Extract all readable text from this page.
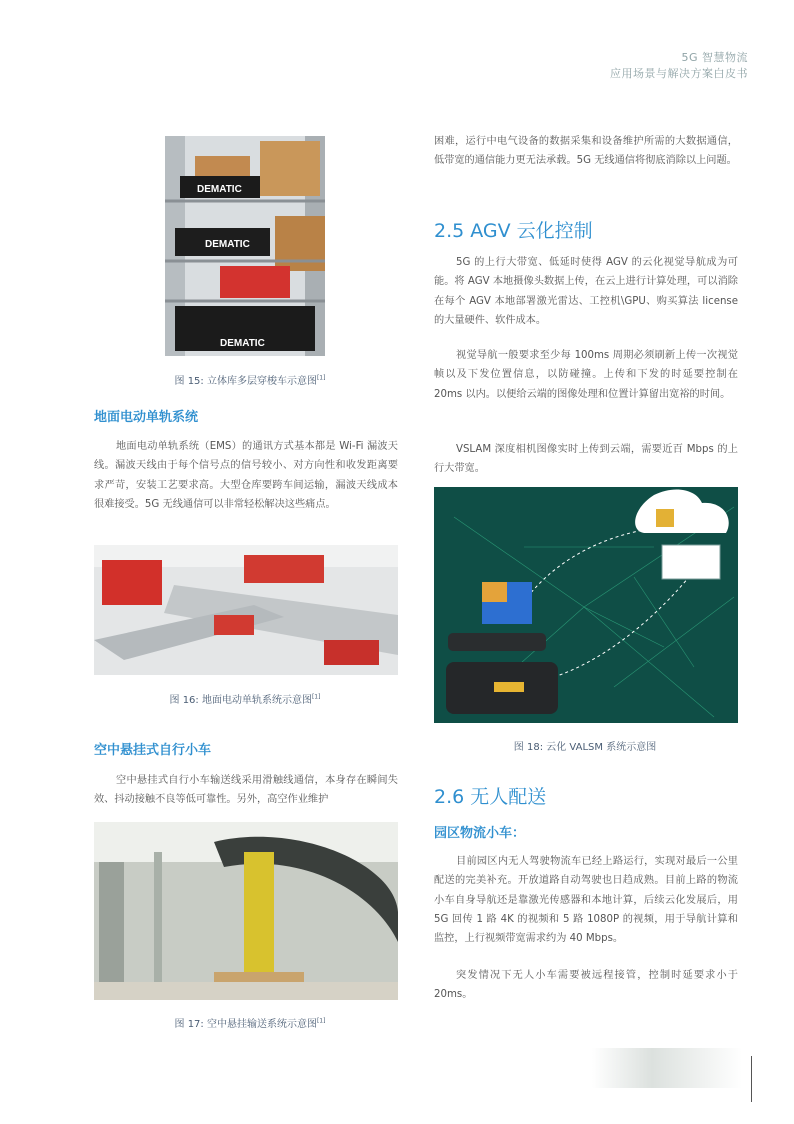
5G 智慧物流
应用场景与解决方案白皮书
DEMATIC
DEMATIC
DEMATIC
图 15: 立体库多层穿梭车示意图[1]
地面电动单轨系统

地面电动单轨系统（EMS）的通讯方式基本都是 Wi-Fi 漏波天线。漏波天线由于每个信号点的信号较小、对方向性和收发距离要求严苛，安装工艺要求高。大型仓库要跨车间运输，漏波天线成本很难接受。5G 无线通信可以非常轻松解决这些痛点。

图 16: 地面电动单轨系统示意图[1]
空中悬挂式自行小车

空中悬挂式自行小车输送线采用滑触线通信，本身存在瞬间失效、抖动接触不良等低可靠性。另外，高空作业维护

图 17: 空中悬挂输送系统示意图[1]

困难，运行中电气设备的数据采集和设备维护所需的大数据通信，低带宽的通信能力更无法承载。5G 无线通信将彻底消除以上问题。

2.5 AGV 云化控制

5G 的上行大带宽、低延时使得 AGV 的云化视觉导航成为可能。将 AGV 本地摄像头数据上传，在云上进行计算处理，可以消除在每个 AGV 本地部署激光雷达、工控机\GPU、购买算法 license 的大量硬件、软件成本。

视觉导航一般要求至少每 100ms 周期必须刷新上传一次视觉帧以及下发位置信息，以防碰撞。上传和下发的时延要控制在 20ms 以内。以便给云端的图像处理和位置计算留出宽裕的时间。

VSLAM 深度相机图像实时上传到云端，需要近百 Mbps 的上行大带宽。

图 18: 云化 VALSM 系统示意图
2.6 无人配送
园区物流小车：

目前园区内无人驾驶物流车已经上路运行，实现对最后一公里配送的完美补充。开放道路自动驾驶也日趋成熟。目前上路的物流小车自身导航还是靠激光传感器和本地计算，后续云化发展后，用 5G 回传 1 路 4K 的视频和 5 路 1080P 的视频，用于导航计算和监控，上行视频带宽需求约为 40 Mbps。

突发情况下无人小车需要被远程接管，控制时延要求小于 20ms。
